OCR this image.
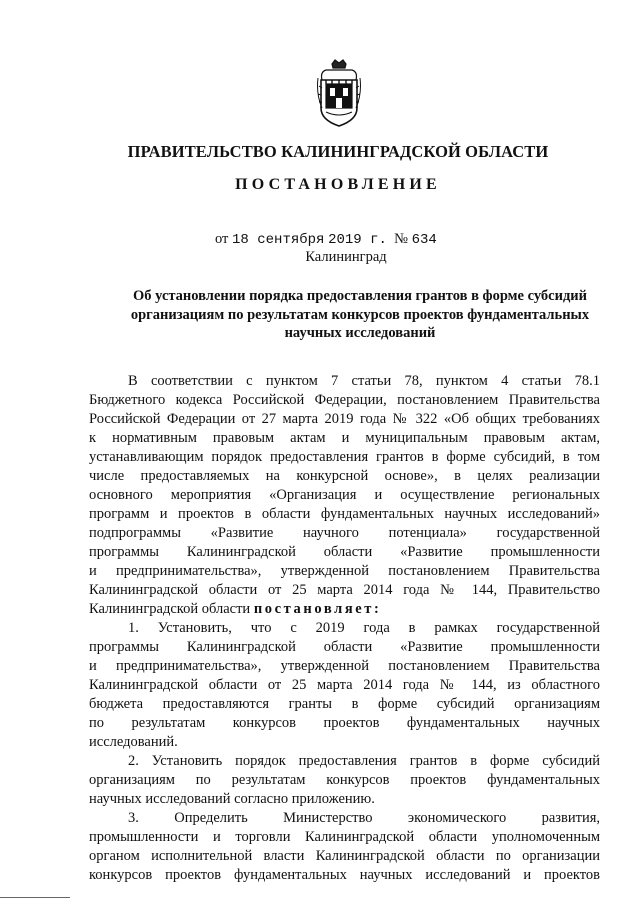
ПРАВИТЕЛЬСТВО КАЛИНИНГРАДСКОЙ ОБЛАСТИ
ПОСТАНОВЛЕНИЕ
от 18 сентября 2019 г. № 634
Калининград
Об установлении порядка предоставления грантов в форме субсидий
организациям по результатам конкурсов проектов фундаментальных
научных исследований
В соответствии с пунктом 7 статьи 78, пунктом 4 статьи 78.1
Бюджетного кодекса Российской Федерации, постановлением Правительства
Российской Федерации от 27 марта 2019 года № 322 «Об общих требованиях
к нормативным правовым актам и муниципальным правовым актам,
устанавливающим порядок предоставления грантов в форме субсидий, в том
числе предоставляемых на конкурсной основе», в целях реализации
основного мероприятия «Организация и осуществление региональных
программ и проектов в области фундаментальных научных исследований»
подпрограммы «Развитие научного потенциала» государственной
программы Калининградской области «Развитие промышленности
и предпринимательства», утвержденной постановлением Правительства
Калининградской области от 25 марта 2014 года № 144, Правительство
Калининградской области постановляет:
1. Установить, что с 2019 года в рамках государственной
программы Калининградской области «Развитие промышленности
и предпринимательства», утвержденной постановлением Правительства
Калининградской области от 25 марта 2014 года № 144, из областного
бюджета предоставляются гранты в форме субсидий организациям
по результатам конкурсов проектов фундаментальных научных
исследований.
2. Установить порядок предоставления грантов в форме субсидий
организациям по результатам конкурсов проектов фундаментальных
научных исследований согласно приложению.
3. Определить Министерство экономического развития,
промышленности и торговли Калининградской области уполномоченным
органом исполнительной власти Калининградской области по организации
конкурсов проектов фундаментальных научных исследований и проектов
